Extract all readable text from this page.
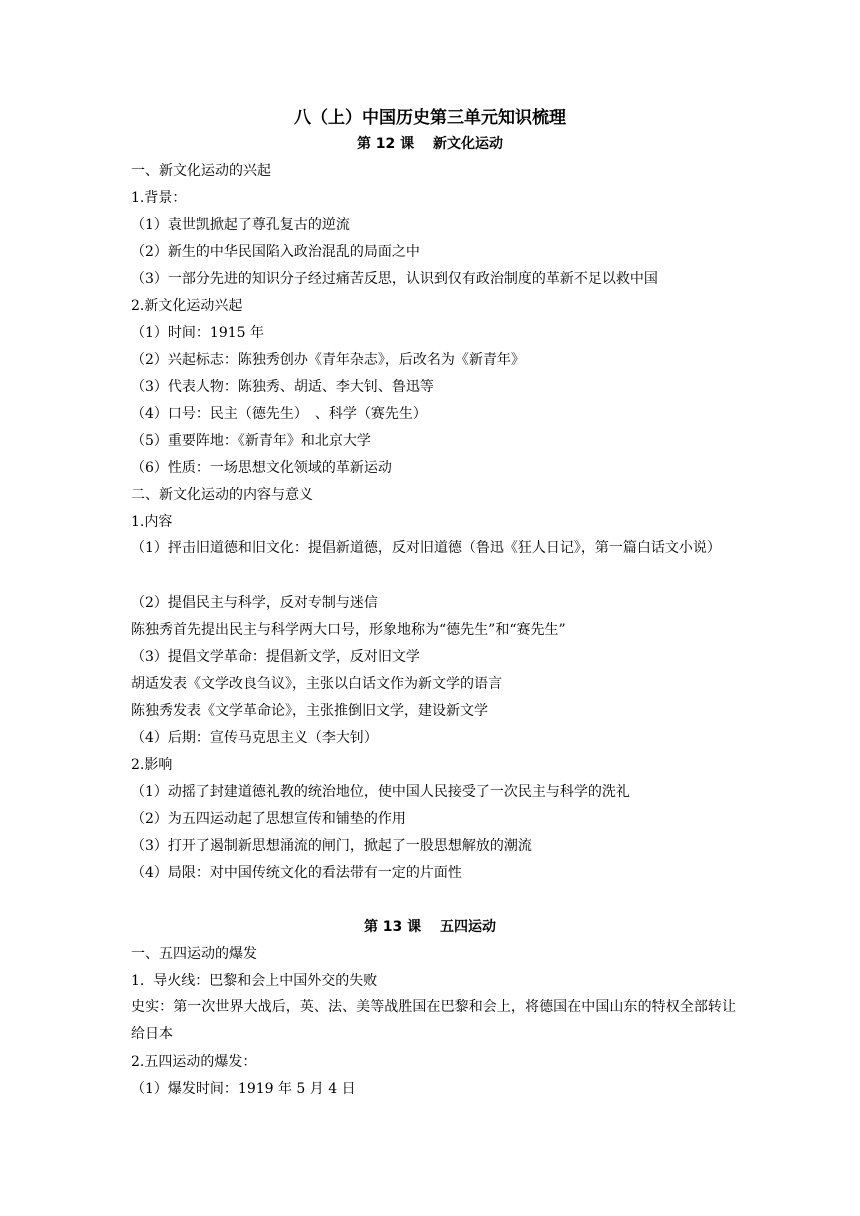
八（上）中国历史第三单元知识梳理
第 12 课　 新文化运动
一、新文化运动的兴起
1.背景：
（1）袁世凯掀起了尊孔复古的逆流
（2）新生的中华民国陷入政治混乱的局面之中
（3）一部分先进的知识分子经过痛苦反思，认识到仅有政治制度的革新不足以救中国
2.新文化运动兴起
（1）时间：1915 年
（2）兴起标志：陈独秀创办《青年杂志》，后改名为《新青年》
（3）代表人物：陈独秀、胡适、李大钊、鲁迅等
（4）口号：民主（德先生）　、科学（赛先生）
（5）重要阵地：《新青年》和北京大学
（6）性质：一场思想文化领域的革新运动
二、新文化运动的内容与意义
1.内容
（1）抨击旧道德和旧文化：提倡新道德，反对旧道德（鲁迅《狂人日记》，第一篇白话文小说）
（2）提倡民主与科学，反对专制与迷信
陈独秀首先提出民主与科学两大口号，形象地称为“德先生”和“赛先生”
（3）提倡文学革命：提倡新文学，反对旧文学
胡适发表《文学改良刍议》，主张以白话文作为新文学的语言
陈独秀发表《文学革命论》，主张推倒旧文学，建设新文学
（4）后期：宣传马克思主义（李大钊）
2.影响
（1）动摇了封建道德礼教的统治地位，使中国人民接受了一次民主与科学的洗礼
（2）为五四运动起了思想宣传和铺垫的作用
（3）打开了遏制新思想涌流的闸门，掀起了一股思想解放的潮流
（4）局限：对中国传统文化的看法带有一定的片面性
第 13 课　 五四运动
一、五四运动的爆发
1.  导火线：巴黎和会上中国外交的失败
史实：第一次世界大战后，英、法、美等战胜国在巴黎和会上，将德国在中国山东的特权全部转让给日本
2.五四运动的爆发：
（1）爆发时间：1919 年 5 月 4 日
